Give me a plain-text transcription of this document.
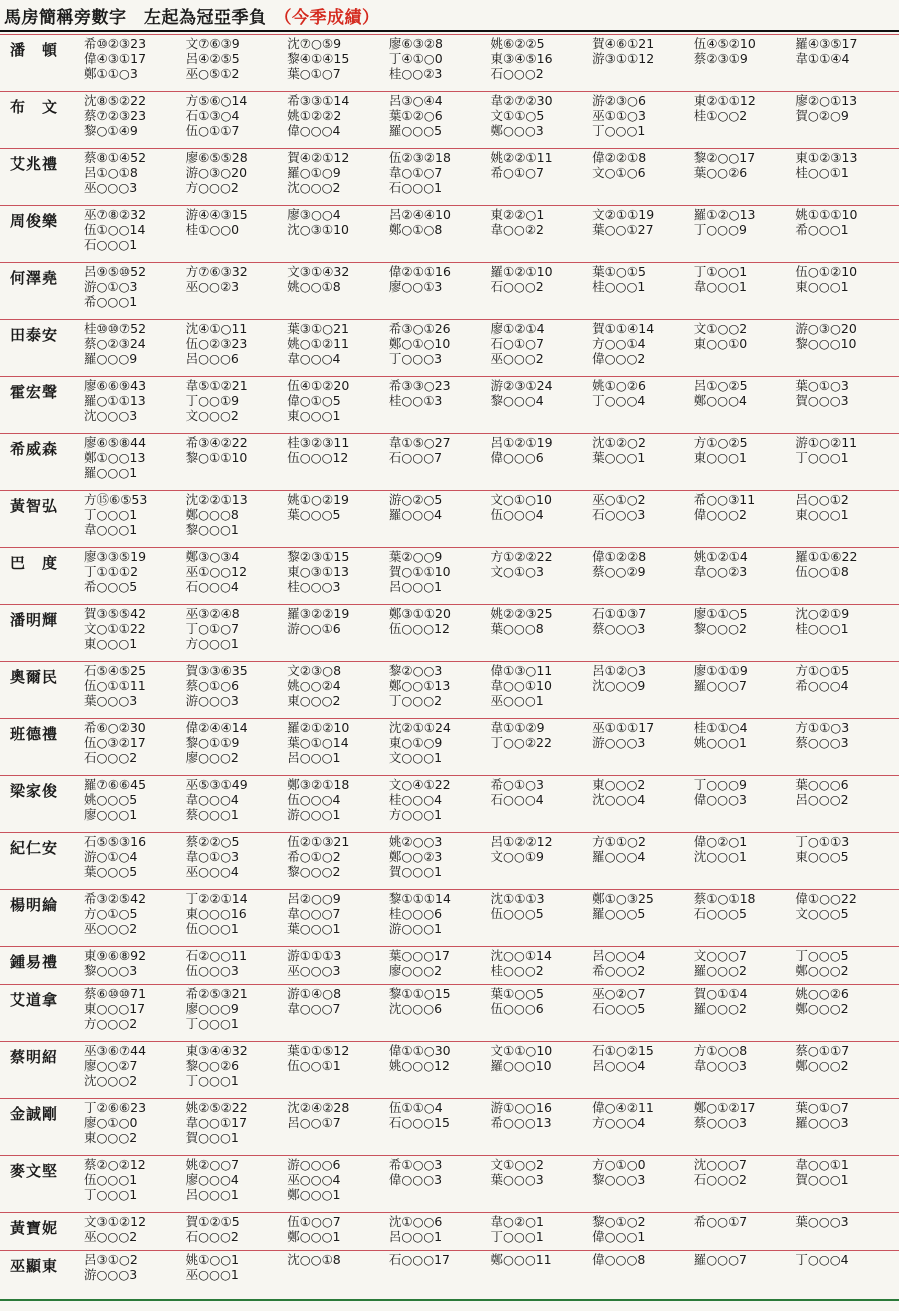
馬房簡稱旁數字　左起為冠亞季負 （今季成績）
潘　頓	希⑩②③23	文⑦⑥③9	沈⑦○⑤9	廖⑥③②8	姚⑥②②5	賀④⑥①21	伍④⑤②10	羅④③⑤17
偉④③①17	呂④②⑤5	黎④①④15	丁④①○0	東③④⑤16	游③①①12	蔡②③①9	韋①①④4
鄭①①○3	巫○⑤①2	葉○①○7	桂○○②3	石○○○2
布　文	沈⑧⑤②22	方⑤⑥○14	希③③①14	呂③○④4	韋②⑦②30	游②③○6	東②①①12	廖②○①13
蔡⑦②③23	石①③○4	姚①②②2	葉①②○6	文①①○5	巫①①○3	桂①○○2	賀○②○9
黎○①④9	伍○①①7	偉○○○4	羅○○○5	鄭○○○3	丁○○○1
艾兆禮	蔡⑧①④52	廖⑥⑤⑤28	賀④②①12	伍②③②18	姚②②①11	偉②②①8	黎②○○17	東①②③13
呂①○①8	游○③○20	羅○①○9	韋○①○7	希○①○7	文○①○6	葉○○②6	桂○○①1
巫○○○3	方○○○2	沈○○○2	石○○○1
周俊樂	巫⑦⑧②32	游④④③15	廖③○○4	呂②④④10	東②②○1	文②①①19	羅①②○13	姚①①①10
伍①○○14	桂①○○0	沈○③①10	鄭○①○8	韋○○②2	葉○○①27	丁○○○9	希○○○1
石○○○1
何澤堯	呂⑨⑤⑩52	方⑦⑥③32	文③①④32	偉②①①16	羅①②①10	葉①○①5	丁①○○1	伍○①②10
游○①○3	巫○○②3	姚○○①8	廖○○①3	石○○○2	桂○○○1	韋○○○1	東○○○1
希○○○1
田泰安	桂⑩⑩⑦52	沈④①○11	葉③①○21	希③○①26	廖①②①4	賀①①④14	文①○○2	游○③○20
蔡○②③24	伍○②③23	姚○①②11	鄭○①○10	石○①○7	方○○①4	東○○①0	黎○○○10
羅○○○9	呂○○○6	韋○○○4	丁○○○3	巫○○○2	偉○○○2
霍宏聲	廖⑥⑥⑨43	韋⑤①②21	伍④①②20	希③③○23	游②③①24	姚①○②6	呂①○②5	葉○①○3
羅○①①13	丁○○①9	偉○①○5	桂○○①3	黎○○○4	丁○○○4	鄭○○○4	賀○○○3
沈○○○3	文○○○2	東○○○1
希威森	廖⑥⑤⑧44	希③④②22	桂③②③11	韋①⑤○27	呂①②①19	沈①②○2	方①○②5	游①○②11
鄭①○○13	黎○①①10	伍○○○12	石○○○7	偉○○○6	葉○○○1	東○○○1	丁○○○1
羅○○○1
黃智弘	方⑮⑥⑤53	沈②②①13	姚①○②19	游○②○5	文○①○10	巫○①○2	希○○③11	呂○○①2
丁○○○1	鄭○○○8	葉○○○5	羅○○○4	伍○○○4	石○○○3	偉○○○2	東○○○1
韋○○○1	黎○○○1
巴　度	廖③③⑤19	鄭③○③4	黎②③①15	葉②○○9	方①②②22	偉①②②8	姚①②①4	羅①①⑥22
丁①①①2	巫①○○12	東○③①13	賀○①①10	文○①○3	蔡○○②9	韋○○②3	伍○○①8
希○○○5	石○○○4	桂○○○3	呂○○○1
潘明輝	賀③⑤⑤42	巫③②④8	羅③②②19	鄭③①①20	姚②②③25	石①①③7	廖①①○5	沈○②①9
文○①①22	丁○①○7	游○○①6	伍○○○12	葉○○○8	蔡○○○3	黎○○○2	桂○○○1
東○○○1	方○○○1
奧爾民	石⑤④⑤25	賀③③⑥35	文②③○8	黎②○○3	偉①③○11	呂①②○3	廖①①①9	方①○①5
伍○①①11	蔡○①○6	姚○○②4	鄭○○①13	韋○○①10	沈○○○9	羅○○○7	希○○○4
葉○○○3	游○○○3	東○○○2	丁○○○2	巫○○○1
班德禮	希⑥○②30	偉②④④14	羅②①②10	沈②①①24	韋①①②9	巫①①①17	桂①①○4	方①①○3
伍○③②17	黎○①①9	葉○①○14	東○①○9	丁○○②22	游○○○3	姚○○○1	蔡○○○3
石○○○2	廖○○○2	呂○○○1	文○○○1
梁家俊	羅⑦⑥⑥45	巫⑤③①49	鄭③②①18	文○④①22	希○①○3	東○○○2	丁○○○9	葉○○○6
姚○○○5	韋○○○4	伍○○○4	桂○○○4	石○○○4	沈○○○4	偉○○○3	呂○○○2
廖○○○1	蔡○○○1	游○○○1	方○○○1
紀仁安	石⑤⑤③16	蔡②②○5	伍②①③21	姚②○○3	呂①②②12	方①①○2	偉○②○1	丁○①①3
游○①○4	韋○①○3	希○①○2	鄭○○②3	文○○①9	羅○○○4	沈○○○1	東○○○5
葉○○○5	巫○○○4	黎○○○2	賀○○○1
楊明綸	希③②⑤42	丁②②①14	呂②○○9	黎①①①14	沈①①①3	鄭①○③25	蔡①○①18	偉①○○22
方○①○5	東○○○16	韋○○○7	桂○○○6	伍○○○5	羅○○○5	石○○○5	文○○○5
巫○○○2	伍○○○1	葉○○○1	游○○○1
鍾易禮	東⑨⑥⑧92	石②○○11	游①①①3	葉○○○17	沈○○①14	呂○○○4	文○○○7	丁○○○5
黎○○○3	伍○○○3	巫○○○3	廖○○○2	桂○○○2	希○○○2	羅○○○2	鄭○○○2
艾道拿	蔡⑥⑩⑩71	希②⑤③21	游①④○8	黎①①○15	葉①○○5	巫○②○7	賀○①①4	姚○○②6
東○○○17	廖○○○9	韋○○○7	沈○○○6	伍○○○6	石○○○5	羅○○○2	鄭○○○2
方○○○2	丁○○○1
蔡明紹	巫③⑥⑦44	東③④④32	葉①①⑤12	偉①①○30	文①①○10	石①○②15	方①○○8	蔡○①①7
廖○○②7	黎○○②6	伍○○①1	姚○○○12	羅○○○10	呂○○○4	韋○○○3	鄭○○○2
沈○○○2	丁○○○1
金誠剛	丁②⑥⑥23	姚②⑤②22	沈②④②28	伍①①○4	游①○○16	偉○④②11	鄭○①②17	葉○①○7
廖○①○0	韋○○①17	呂○○①7	石○○○15	希○○○13	方○○○4	蔡○○○3	羅○○○3
東○○○2	賀○○○1
麥文堅	蔡②○②12	姚②○○7	游○○○6	希①○○3	文①○○2	方○①○0	沈○○○7	韋○○①1
伍○○○1	廖○○○4	巫○○○4	偉○○○3	葉○○○3	黎○○○3	石○○○2	賀○○○1
丁○○○1	呂○○○1	鄭○○○1
黃寶妮	文③①②12	賀①②①5	伍①○○7	沈①○○6	韋○②○1	黎○①○2	希○○①7	葉○○○3
巫○○○2	石○○○2	鄭○○○1	呂○○○1	丁○○○1	偉○○○1
巫顯東	呂③①○2	姚①○○1	沈○○①8	石○○○17	鄭○○○11	偉○○○8	羅○○○7	丁○○○4
游○○○3	巫○○○1
